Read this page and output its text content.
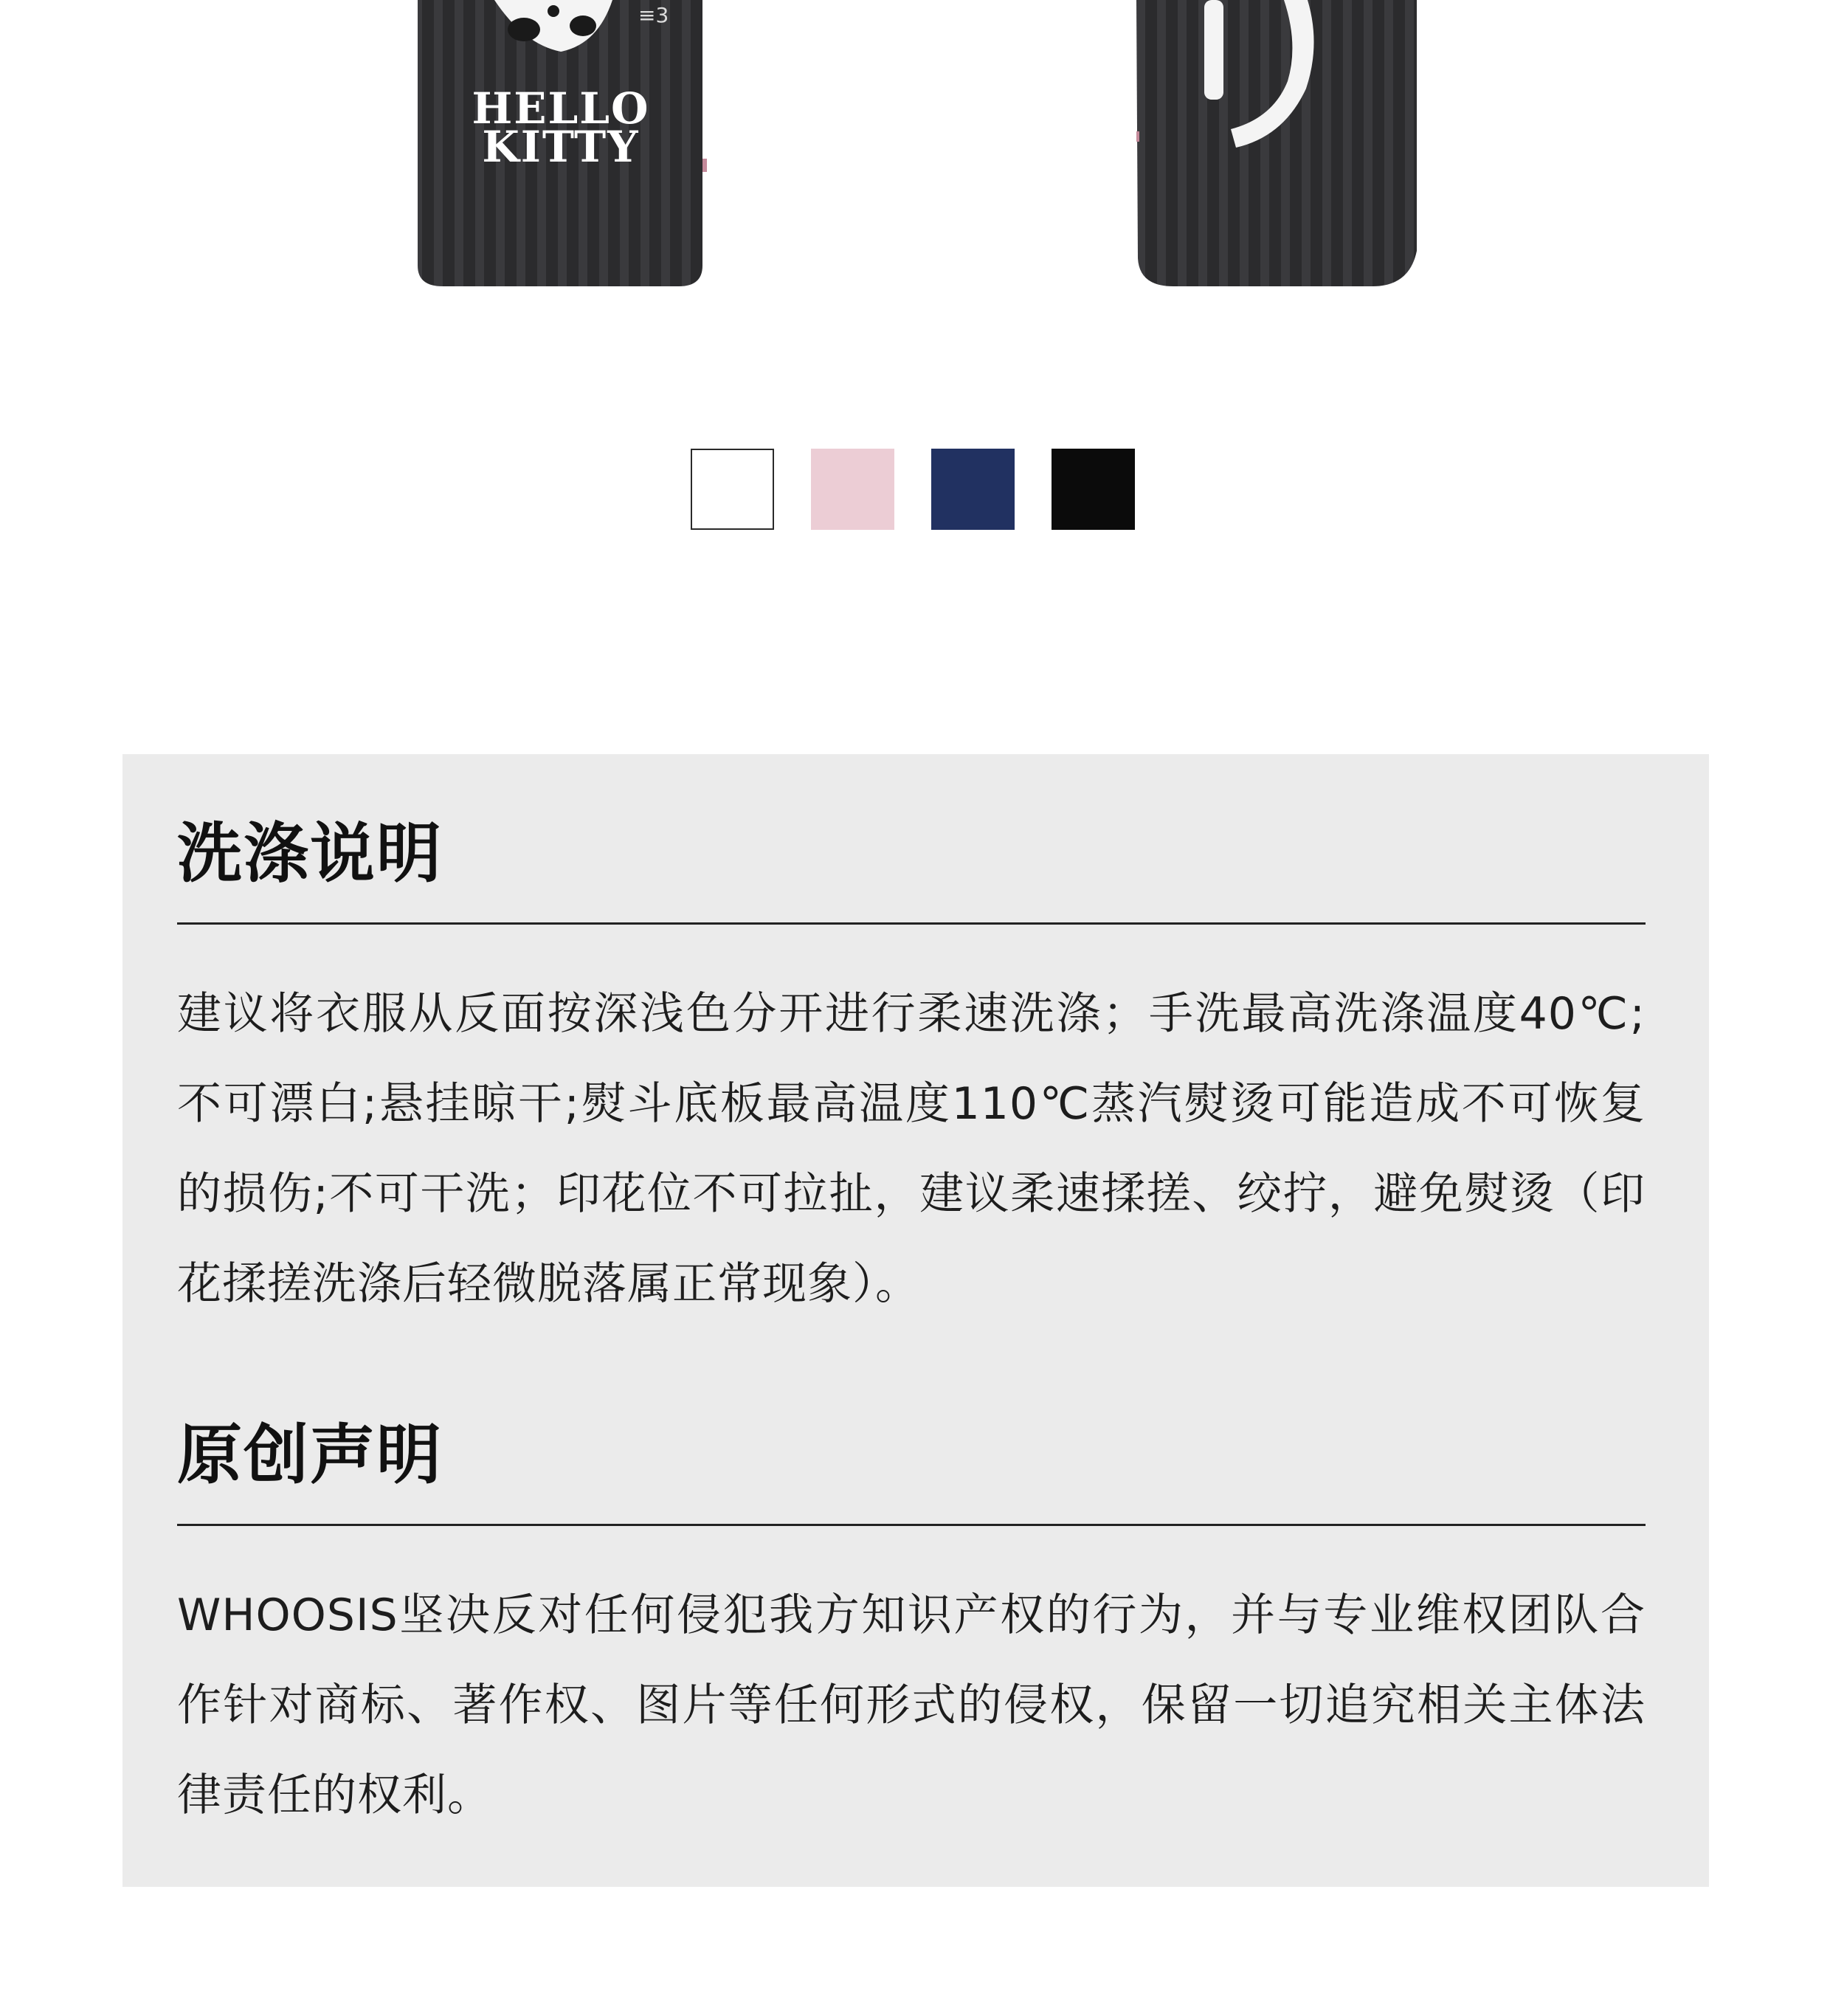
≡3
HELLO
KITTY
洗涤说明

建议将衣服从反面按深浅色分开进行柔速洗涤；手洗最高洗涤温度40℃;不可漂白;悬挂晾干;熨斗底板最高温度110℃蒸汽熨烫可能造成不可恢复的损伤;不可干洗；印花位不可拉扯，建议柔速揉搓、绞拧，避免熨烫（印花揉搓洗涤后轻微脱落属正常现象）。

原创声明

WHOOSIS坚决反对任何侵犯我方知识产权的行为，并与专业维权团队合作针对商标、著作权、图片等任何形式的侵权，保留一切追究相关主体法律责任的权利。
